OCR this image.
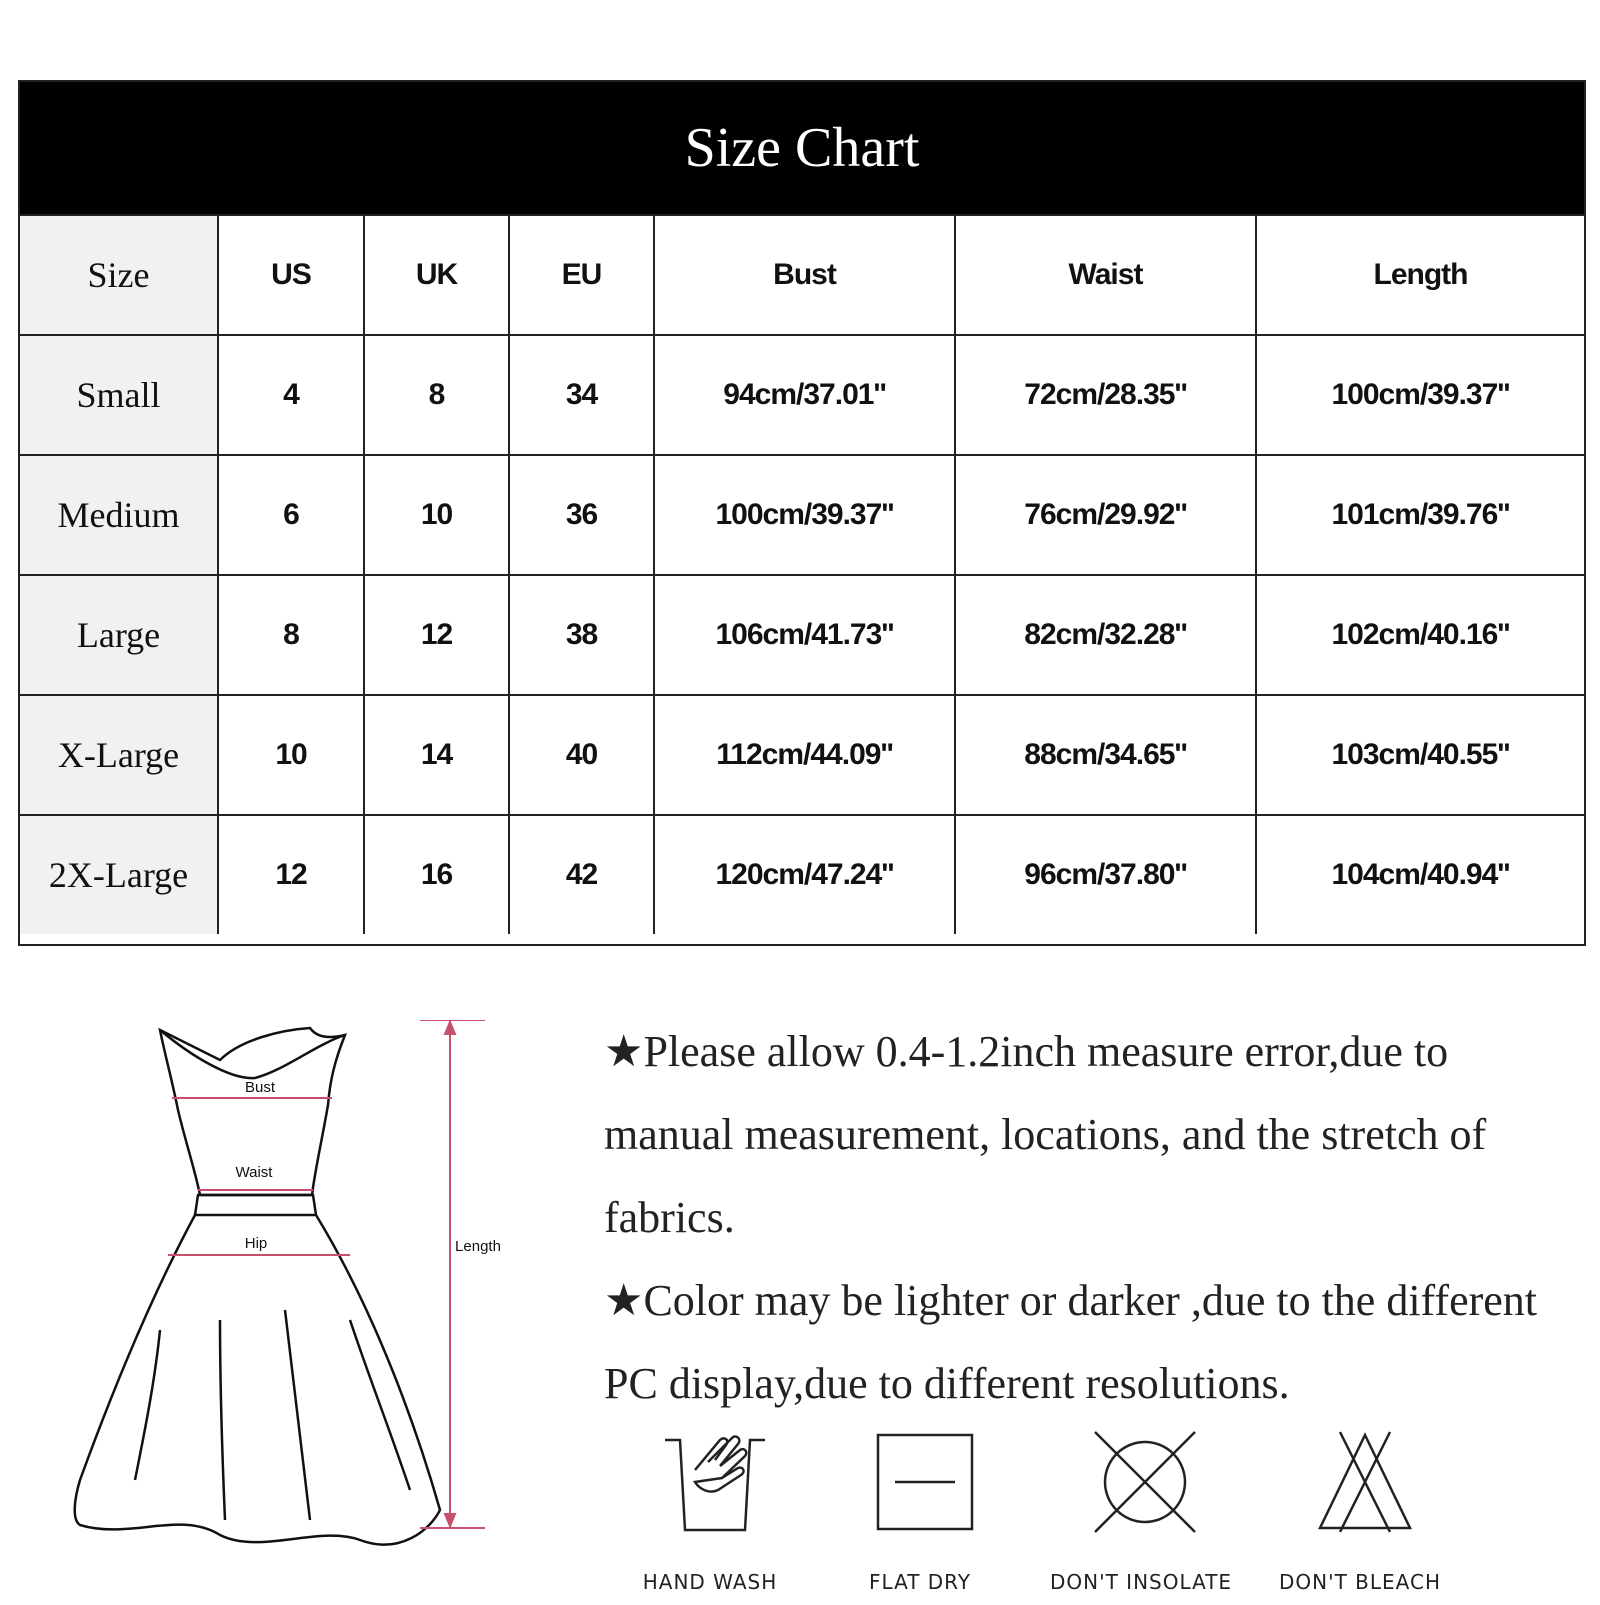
Size Chart
Size	US	UK	EU	Bust	Waist	Length
Small	4	8	34	94cm/37.01''	72cm/28.35''	100cm/39.37''
Medium	6	10	36	100cm/39.37''	76cm/29.92''	101cm/39.76''
Large	8	12	38	106cm/41.73''	82cm/32.28''	102cm/40.16''
X-Large	10	14	40	112cm/44.09''	88cm/34.65''	103cm/40.55''
2X-Large	12	16	42	120cm/47.24''	96cm/37.80''	104cm/40.94''
Bust
Waist
Hip	Length

★Please allow 0.4-1.2inch measure error,due to manual measurement, locations, and the stretch of fabrics.

★Color may be lighter or darker ,due to the different PC display,due to different resolutions.

HAND WASH	FLAT DRY	DON'T INSOLATE	DON'T BLEACH
